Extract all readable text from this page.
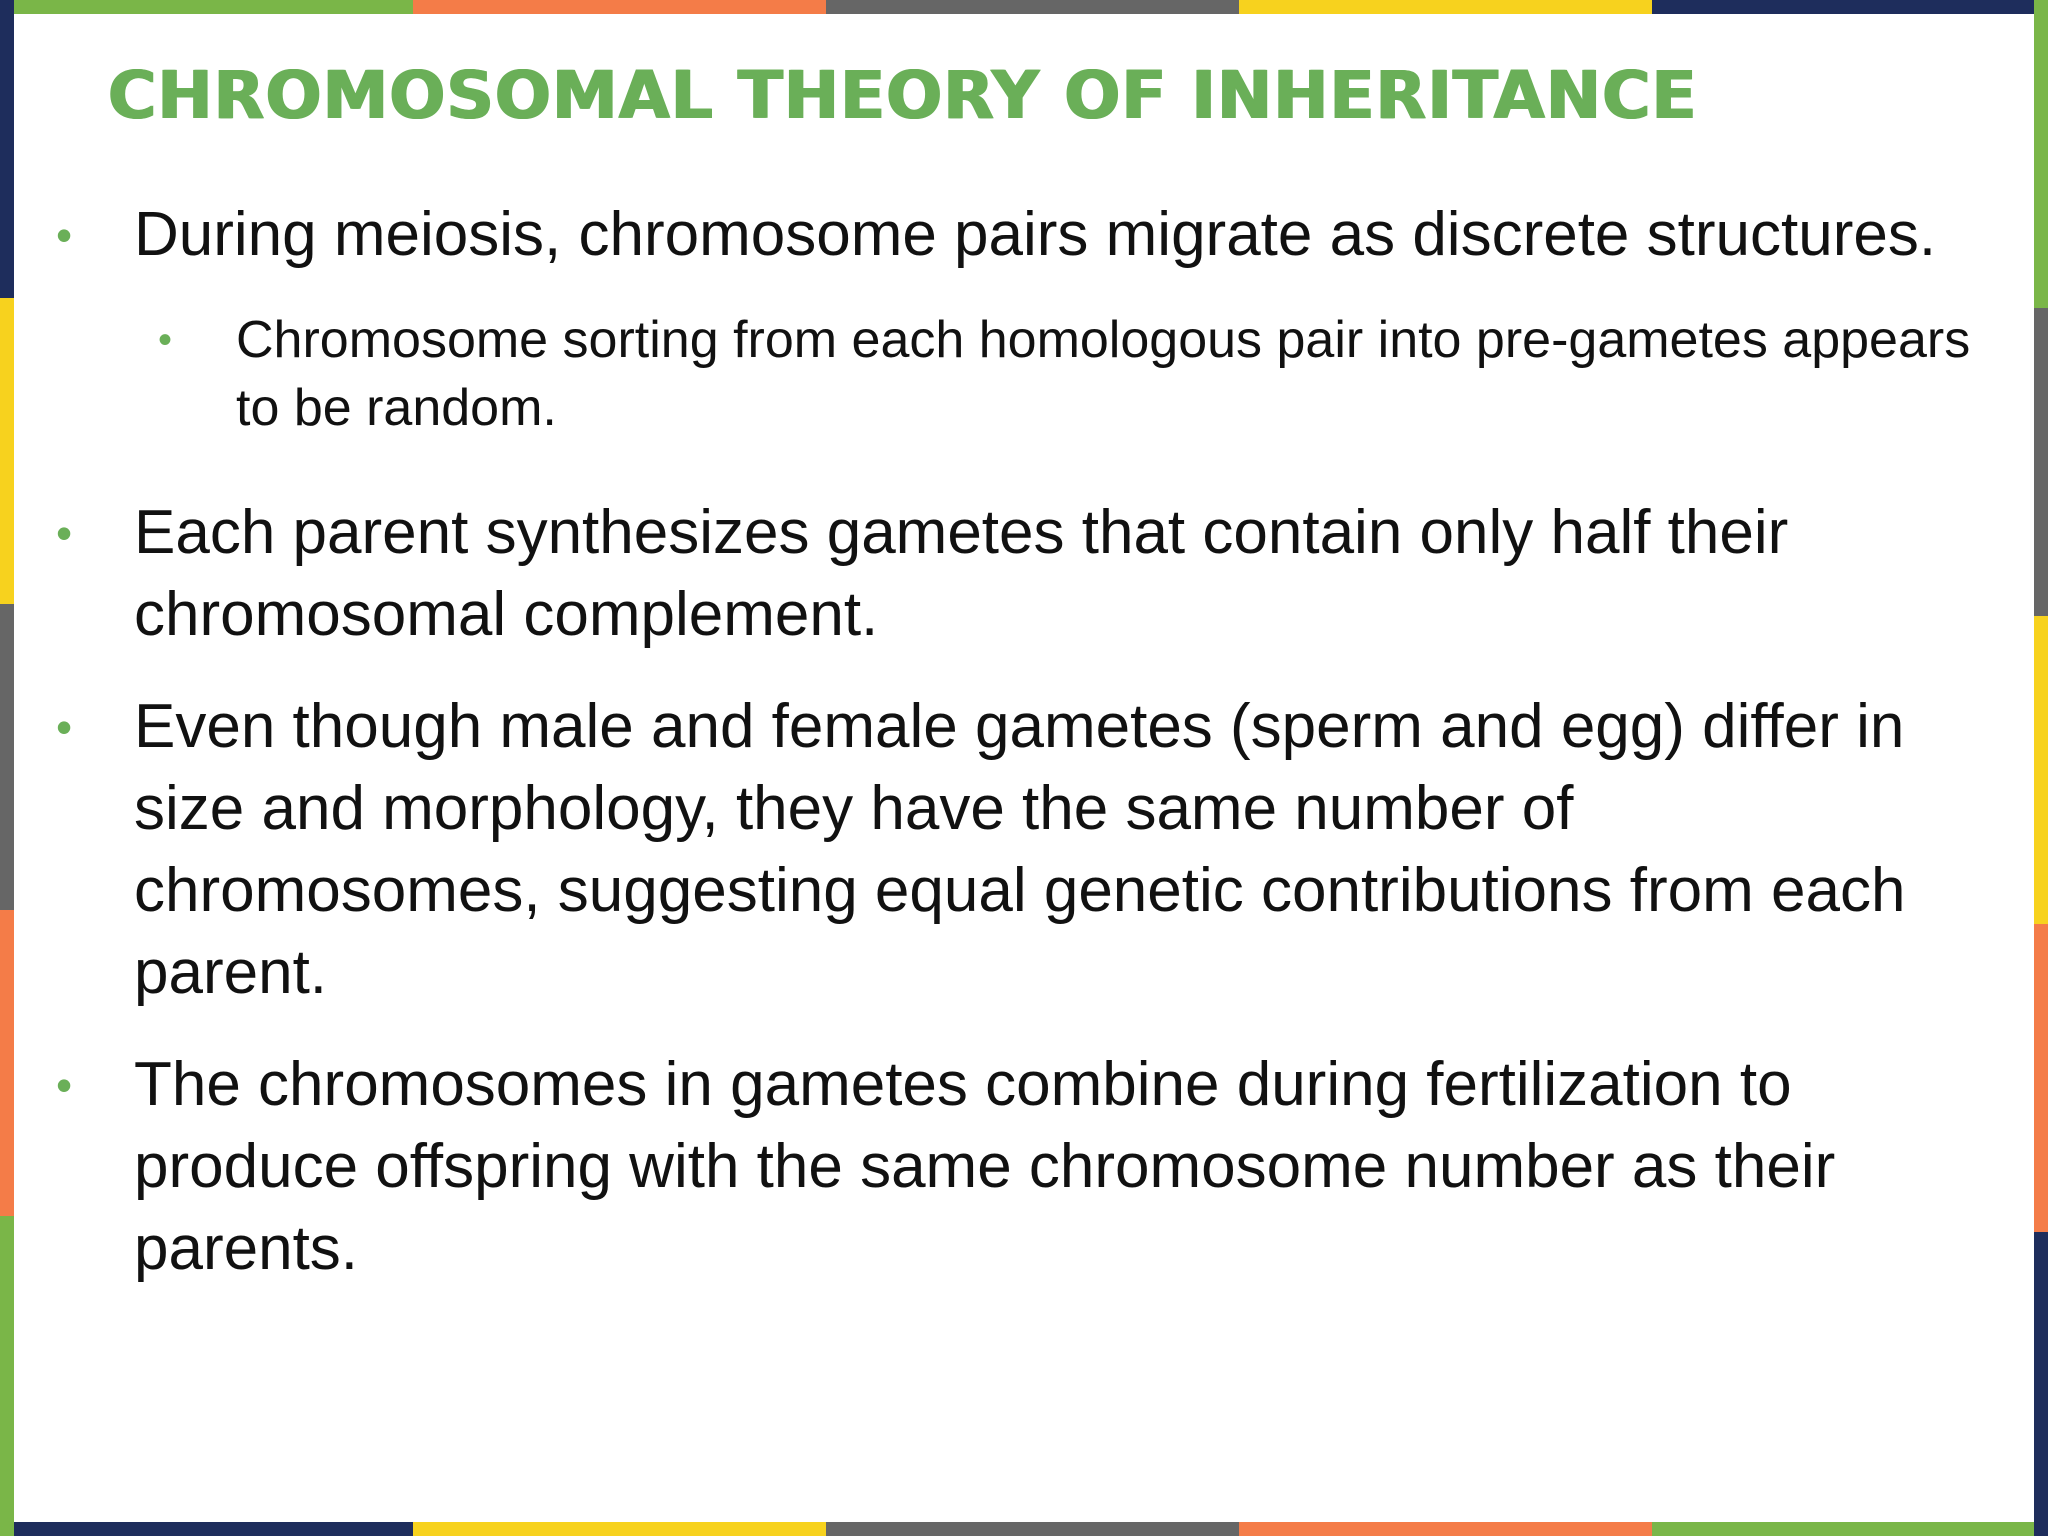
CHROMOSOMAL THEORY OF INHERITANCE
• During meiosis, chromosome pairs migrate as discrete structures.
• Chromosome sorting from each homologous pair into pre-gametes appears to be random.
• Each parent synthesizes gametes that contain only half their chromosomal complement.
• Even though male and female gametes (sperm and egg) differ in size and morphology, they have the same number of chromosomes, suggesting equal genetic contributions from each parent.
• The chromosomes in gametes combine during fertilization to produce offspring with the same chromosome number as their parents.
